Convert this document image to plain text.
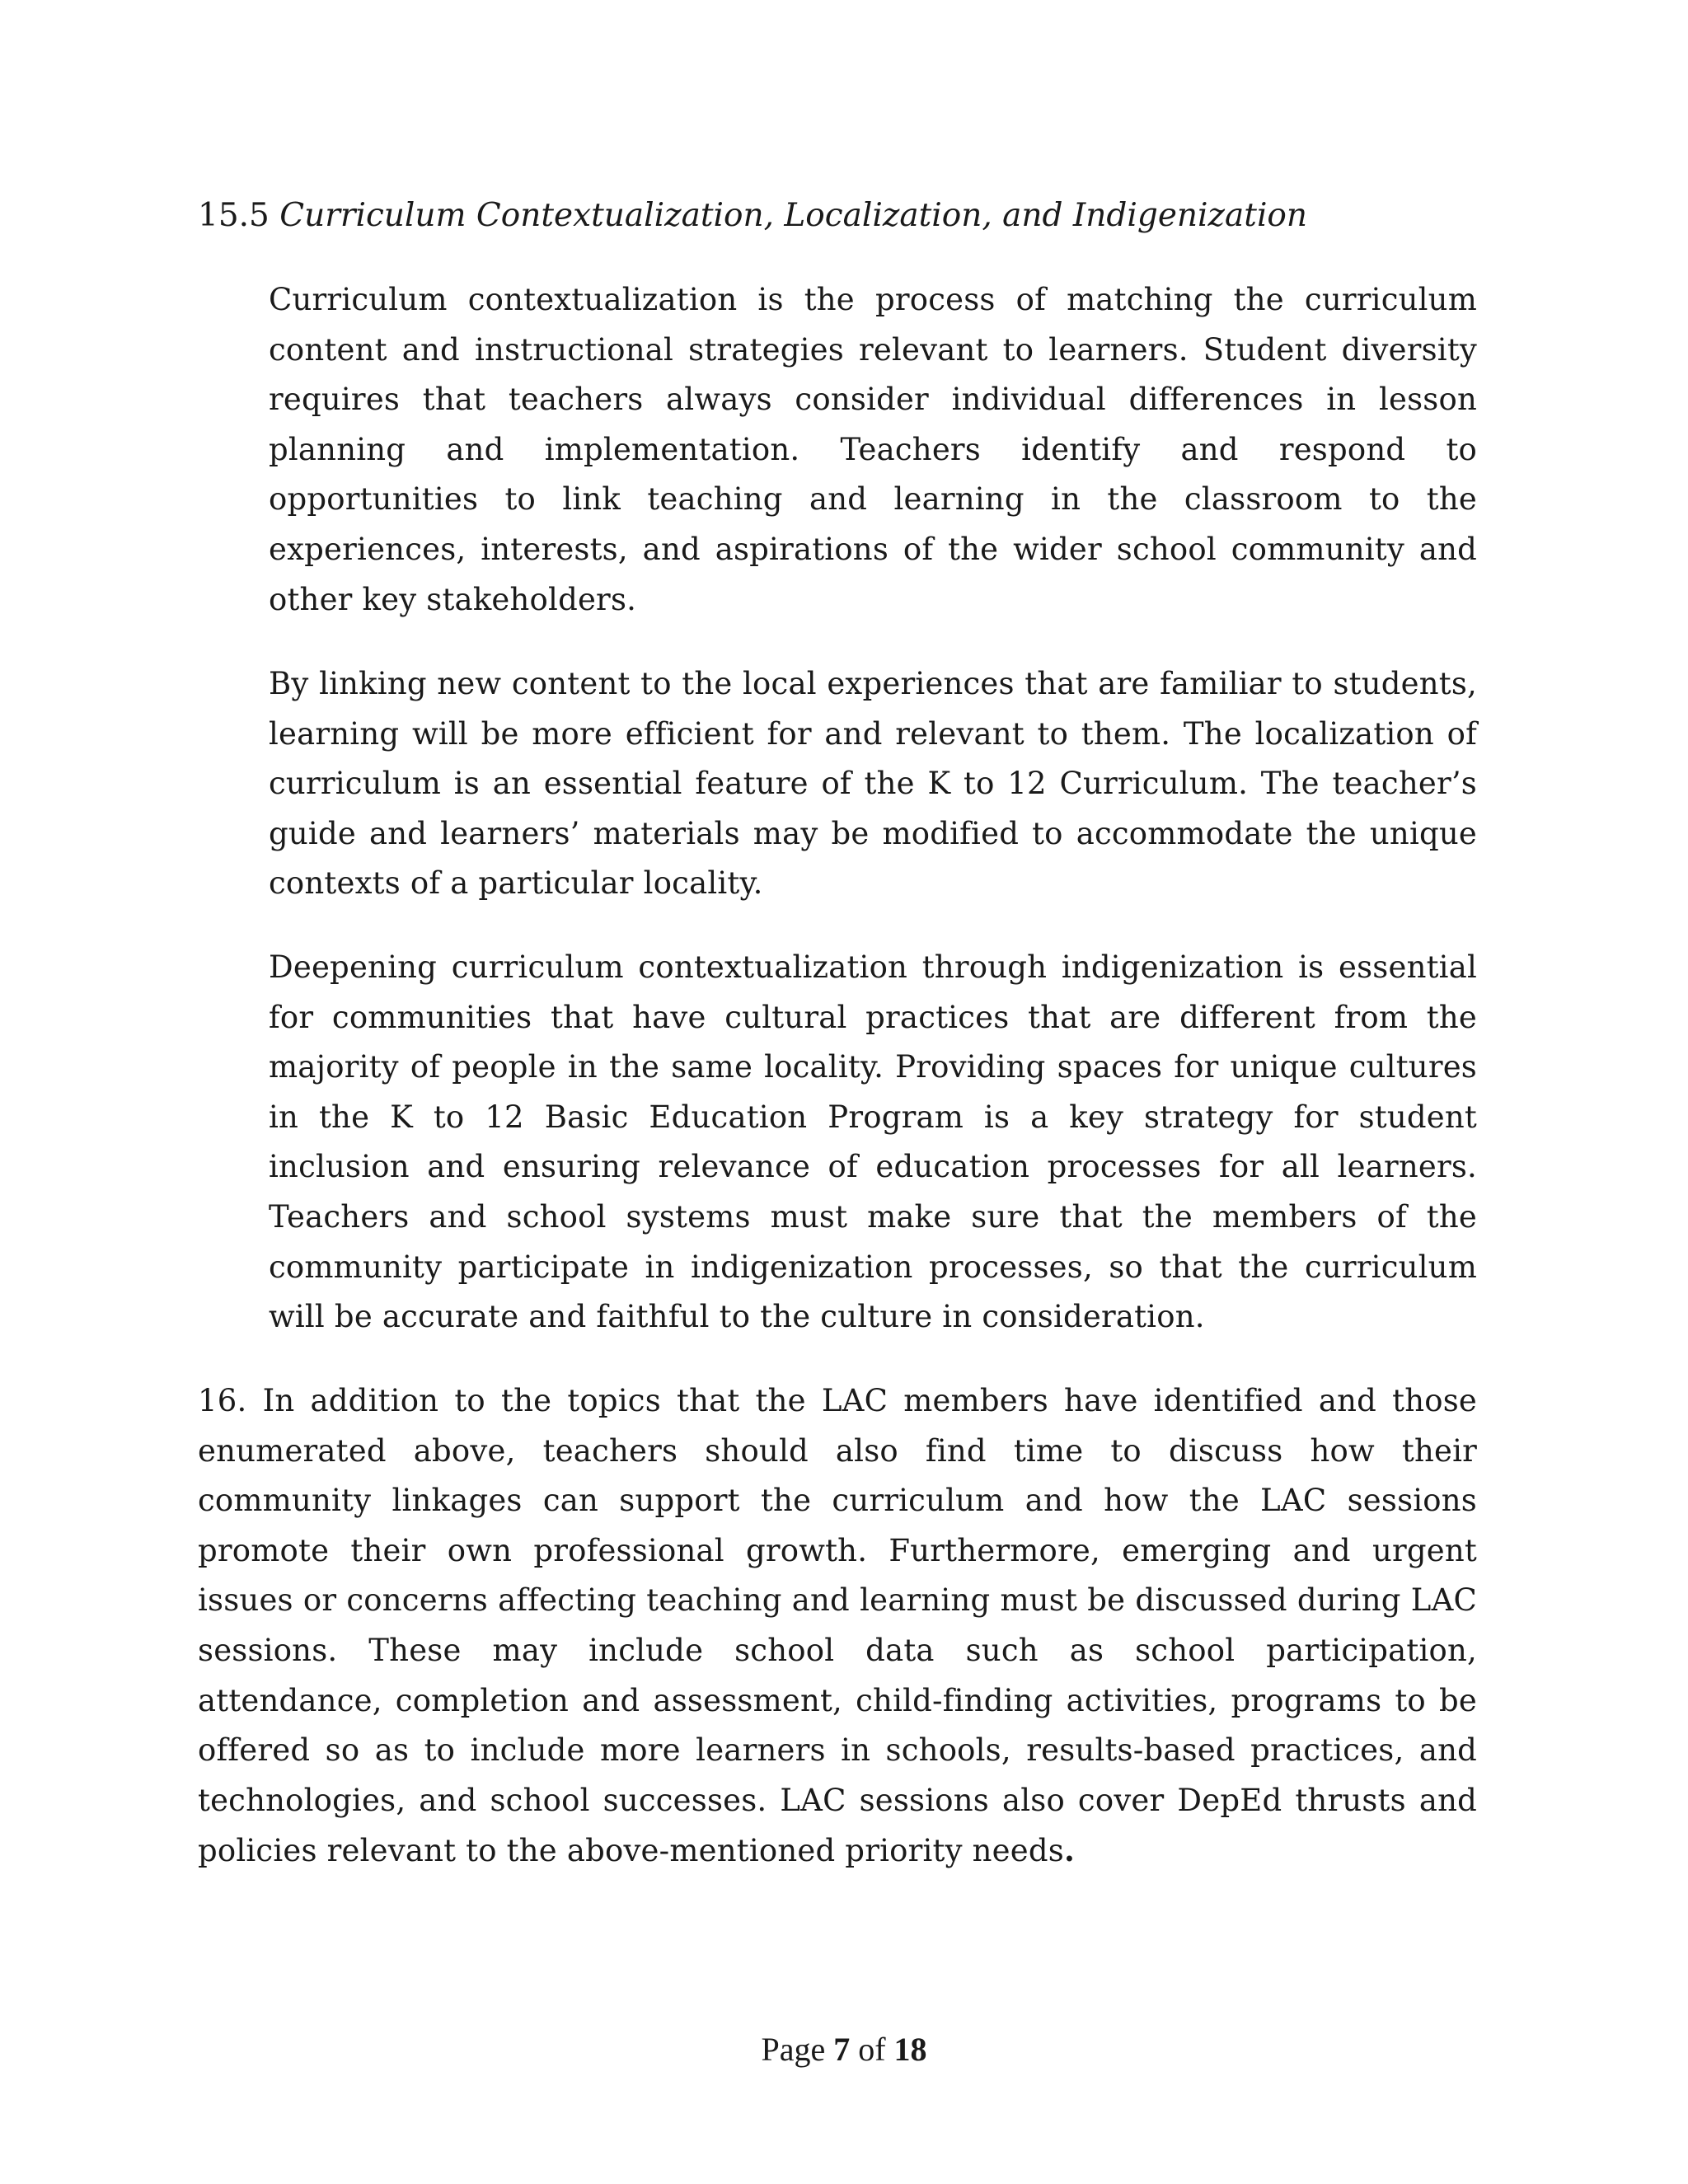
15.5 Curriculum Contextualization, Localization, and Indigenization

Curriculum contextualization is the process of matching the curriculum content and instructional strategies relevant to learners. Student diversity requires that teachers always consider individual differences in lesson planning and implementation. Teachers identify and respond to opportunities to link teaching and learning in the classroom to the experiences, interests, and aspirations of the wider school community and other key stakeholders.

By linking new content to the local experiences that are familiar to students, learning will be more efficient for and relevant to them. The localization of curriculum is an essential feature of the K to 12 Curriculum. The teacher’s guide and learners’ materials may be modified to accommodate the unique contexts of a particular locality.

Deepening curriculum contextualization through indigenization is essential for communities that have cultural practices that are different from the majority of people in the same locality. Providing spaces for unique cultures in the K to 12 Basic Education Program is a key strategy for student inclusion and ensuring relevance of education processes for all learners. Teachers and school systems must make sure that the members of the community participate in indigenization processes, so that the curriculum will be accurate and faithful to the culture in consideration.

16. In addition to the topics that the LAC members have identified and those enumerated above, teachers should also find time to discuss how their community linkages can support the curriculum and how the LAC sessions promote their own professional growth. Furthermore, emerging and urgent issues or concerns affecting teaching and learning must be discussed during LAC sessions. These may include school data such as school participation, attendance, completion and assessment, child-finding activities, programs to be offered so as to include more learners in schools, results-based practices, and technologies, and school successes. LAC sessions also cover DepEd thrusts and policies relevant to the above-mentioned priority needs.

Page 7 of 18
